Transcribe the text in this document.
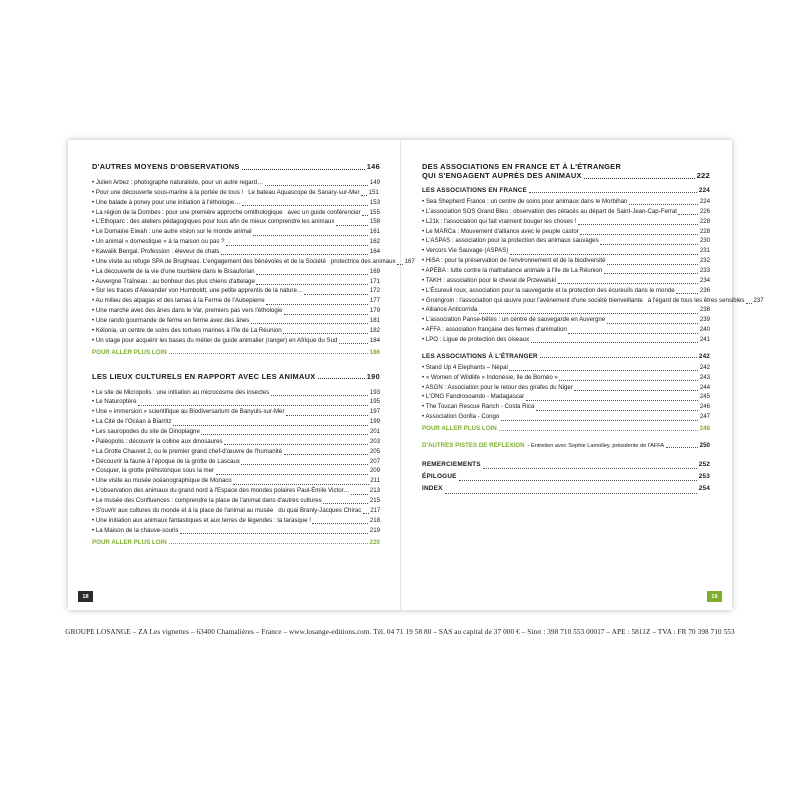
D'AUTRES MOYENS D'OBSERVATIONS	146
• Julien Arbez : photographe naturaliste, pour un autre regard…	149
• Pour une découverte sous-marine à la portée de tous ! Le bateau Aquascope de Sanary-sur-Mer 151
• Une balade à poney pour une initiation à l'éthologie…	153
• La région de la Dombes : pour une première approche ornithologique avec un guide conférencier 155
• L'Ethoparc : des ateliers pédagogiques pour tous afin de mieux comprendre les animaux	158
• Le Domaine Eiwah : une autre vision sur le monde animal	161
• Un animal « domestique » à la maison ou pas ?	162
• Kawaiik Bengal. Profession : éleveur de chats	164
• Une visite au refuge SPA de Brugheas. L'engagement des bénévoles et de la Société protectrice des animaux 167
• La découverte de la vie d'une tourbière dans le Bisauforian	169
• Auvergne Traîneau : au bonheur des plus chiens d'attelage	171
• Sur les traces d'Alexander von Humboldt, une petite apprentis de la nature…	172
• Au milieu des alpagas et des lamas à la Ferme de l'Aubepierre	177
• Une marche avec des ânes dans le Var, premiers pas vers l'éthologie	179
• Une rando gourmande de ferme en ferme avec des ânes	181
• Kélonia, un centre de soins des tortues marines à l'île de La Réunion	182
• Un stage pour acquérir les bases du métier de guide animalier (ranger) en Afrique du Sud	184
POUR ALLER PLUS LOIN	186
LES LIEUX CULTURELS EN RAPPORT AVEC LES ANIMAUX	190
• Le site de Micropolis : une initiation au microcosme des insectes	193
• Le Naturoptère	195
• Une « immersion » scientifique au Biodiversarium de Banyuls-sur-Mer	197
• La Cité de l'Océan à Biarritz	199
• Les sauropodes du site de Dinoplagne	201
• Paléopolis : découvrir la colline aux dinosaures	203
• La Grotte Chauvet 2, ou le premier grand chef-d'œuvre de l'humanité	205
• Découvrir la faune à l'époque de la grotte de Lascaux	207
• Cosquer, la grotte préhistorique sous la mer	209
• Une visite au musée océanographique de Monaco	211
• L'observation des animaux du grand nord à l'Espace des mondes polaires Paul-Émile Victor…	213
• Le musée des Confluences : comprendre la place de l'animal dans d'autres cultures	215
• S'ouvrir aux cultures du monde et à la place de l'animal au musée du quai Branly-Jacques Chirac 217
• Une initiation aux animaux fantastiques et aux terres de légendes : la tarasque !	218
• La Maison de la chauve-souris	219
POUR ALLER PLUS LOIN	220
18
DES ASSOCIATIONS EN FRANCE ET À L'ÉTRANGER
QUI S'ENGAGENT AUPRÈS DES ANIMAUX	222
LES ASSOCIATIONS EN FRANCE	224
• Sea Shepherd France : un centre de soins pour animaux dans le Morbihan	224
• L'association SOS Grand Bleu : observation des cétacés au départ de Saint-Jean-Cap-Ferrat	226
• L21k : l'association qui fait vraiment bouger les choses !	228
• Le MARCa : Mouvement d'alliance avec le peuple castor	228
• L'ASPAS : association pour la protection des animaux sauvages	230
• Vercors Vie Sauvage (ASPAS)	231
• HiSA : pour la préservation de l'environnement et de la biodiversité	232
• APEBA : lutte contre la maltraitance animale à l'île de La Réunion	233
• TAKH : association pour le cheval de Przewalski	234
• L'Écureuil roux, association pour la sauvegarde et la protection des écureuils dans le monde	236
• Groingroin : l'association qui œuvre pour l'avènement d'une société bienveillante à l'égard de tous les êtres sensibles 237
• Alliance Anticorrida	238
• L'association Panse-bêtes : un centre de sauvegarde en Auvergne	239
• AFFA : association française des fermes d'animation	240
• LPO : Ligue de protection des oiseaux	241
LES ASSOCIATIONS À L'ÉTRANGER	242
• Stand Up 4 Elephants – Népal	242
• « Women of Wildlife » Indonésie, île de Bornéo »	243
• ASGN : Association pour le retour des girafes du Niger	244
• L'ONG Fandrosoando - Madagascar	245
• The Toucan Rescue Ranch - Costa Rica	246
• Association Gorilla - Congo	247
POUR ALLER PLUS LOIN	248
D'AUTRES PISTES DE RÉFLEXION - Entretien avec Sophie Lamolley, présidente de l'AFFA	250
REMERCIEMENTS	252
ÉPILOGUE	253
INDEX	254
19
GROUPE LOSANGE – ZA Les vignettes – 63400 Chamalières – France – www.losange-editions.com. Tél. 04 71 19 58 80 – SAS au capital de 37 000 € – Siret : 398 710 553 00017 – APE : 5811Z – TVA : FR 70 398 710 553
